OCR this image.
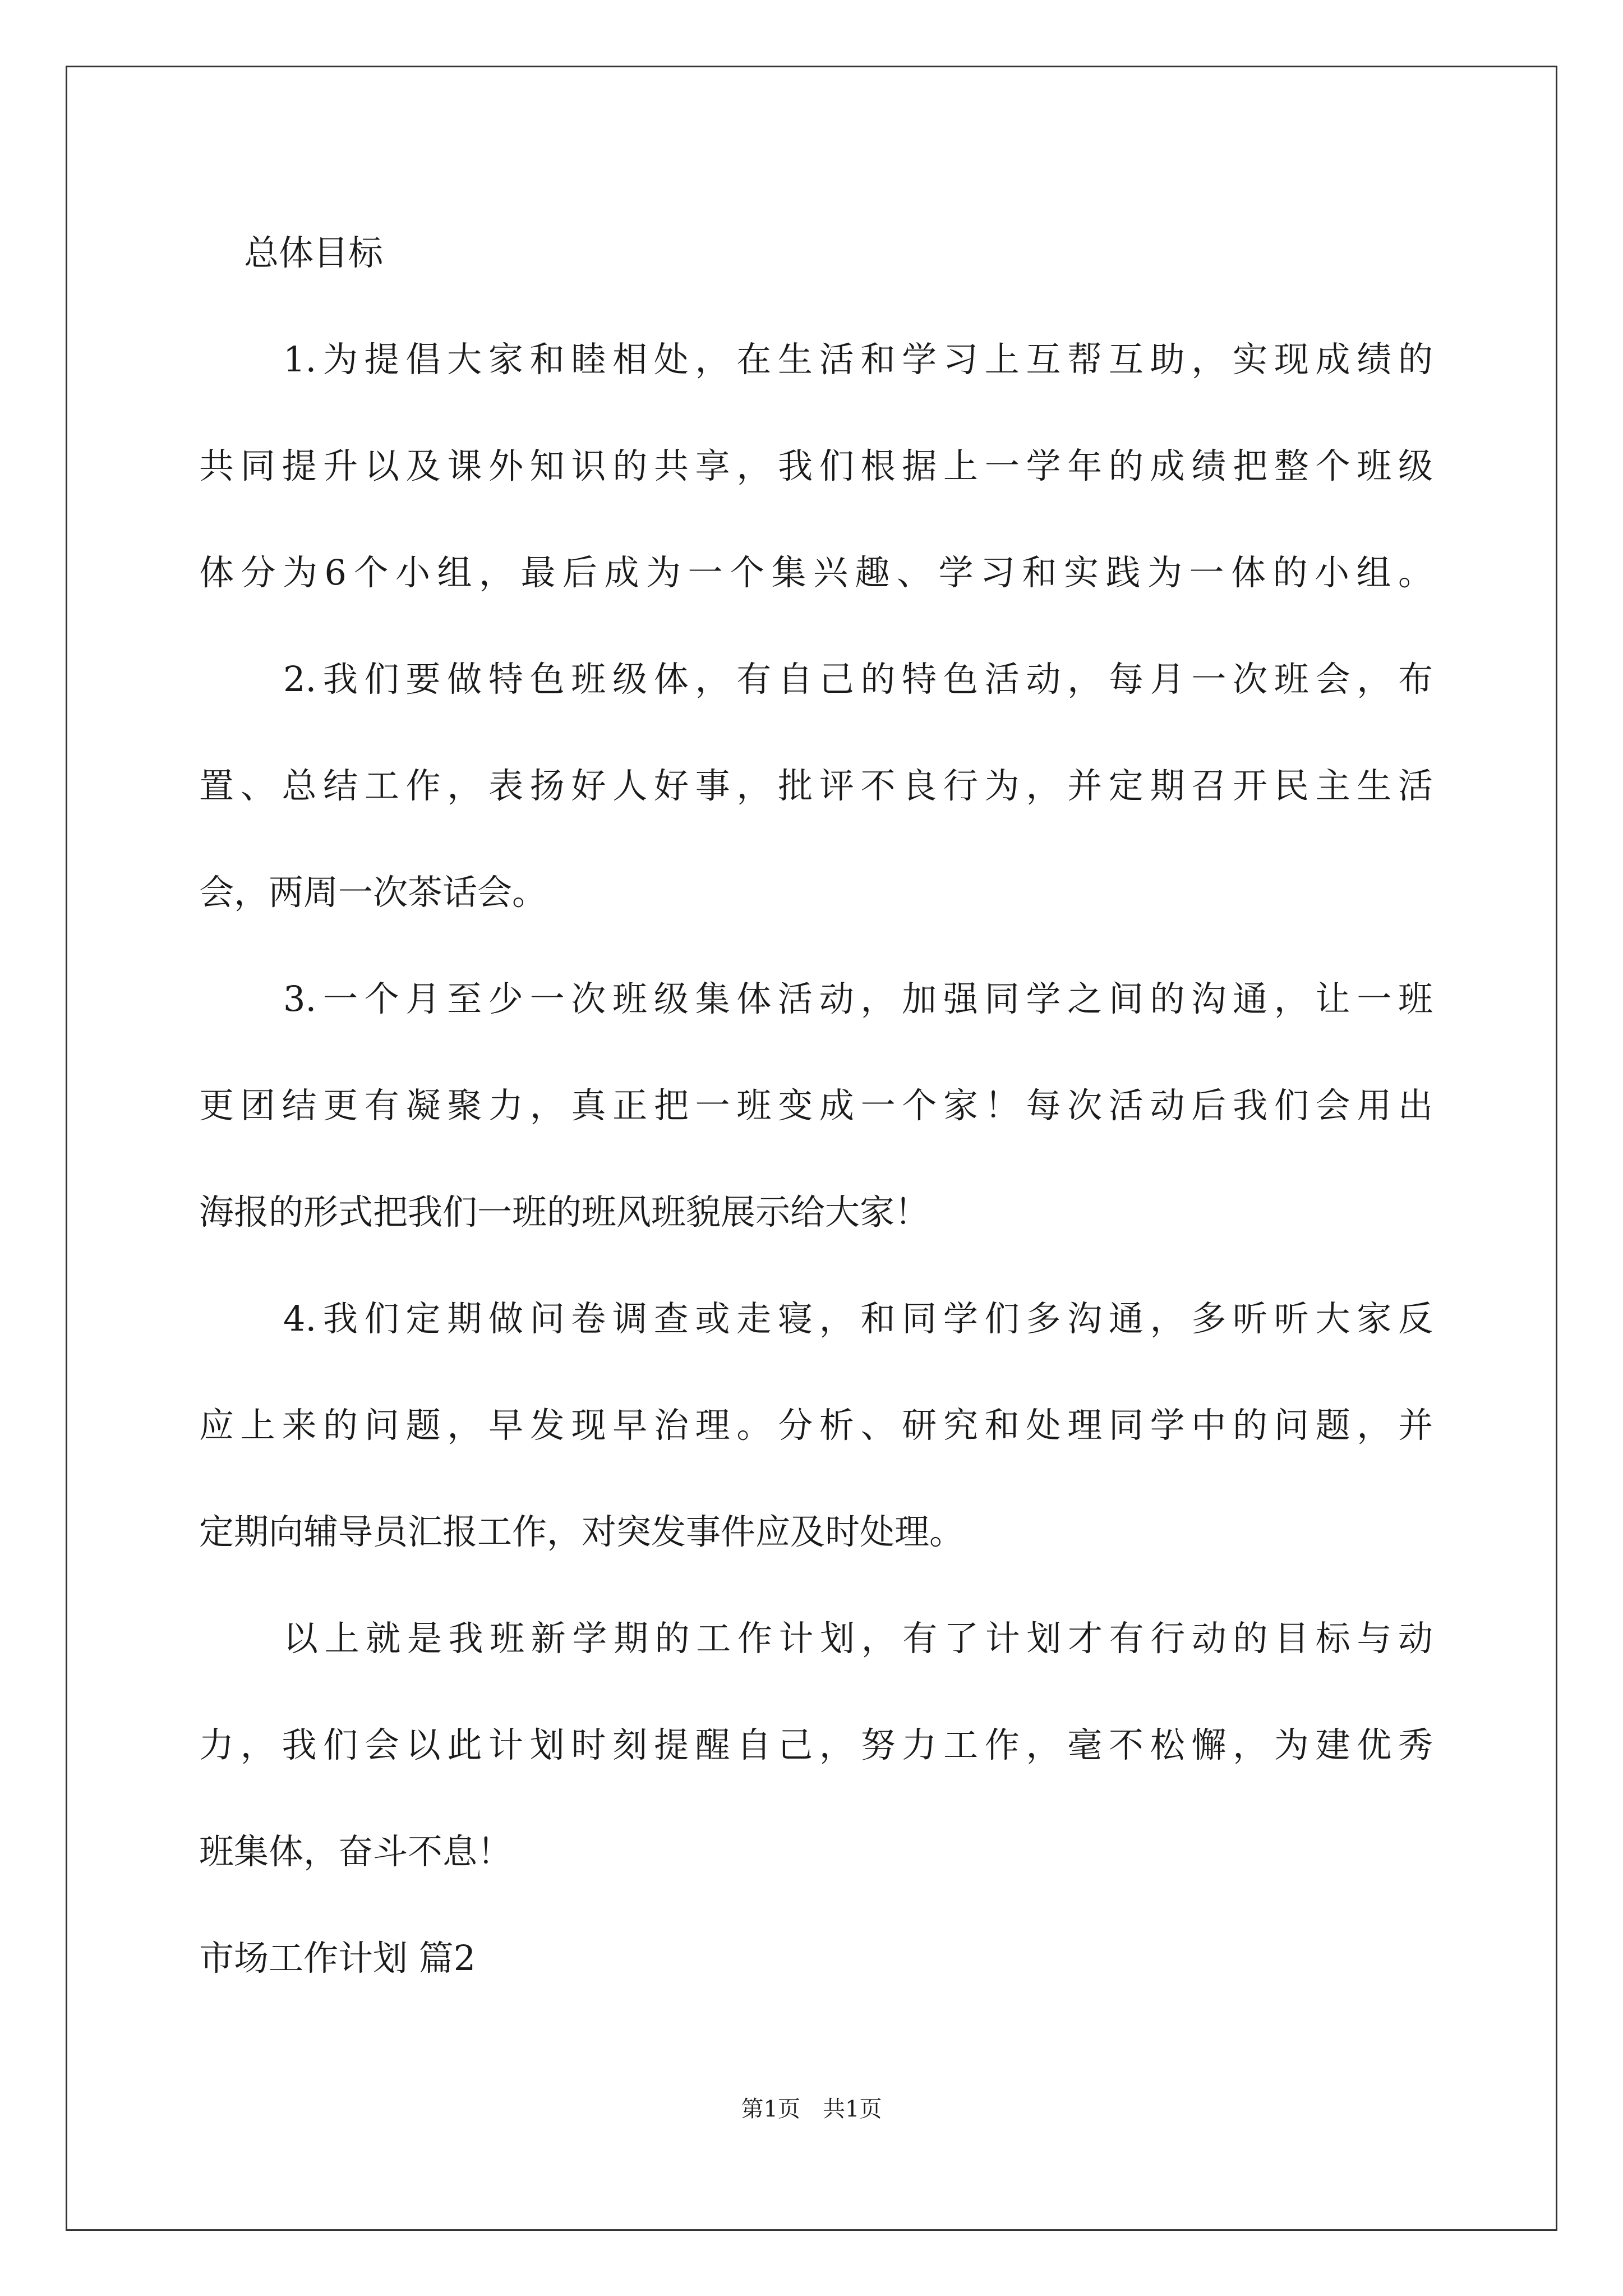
总体目标
1.为提倡大家和睦相处，在生活和学习上互帮互助，实现成绩的
共同提升以及课外知识的共享，我们根据上一学年的成绩把整个班级
体分为6个小组，最后成为一个集兴趣、学习和实践为一体的小组。
2.我们要做特色班级体，有自己的特色活动，每月一次班会，布
置、总结工作，表扬好人好事，批评不良行为，并定期召开民主生活
会，两周一次茶话会。
3.一个月至少一次班级集体活动，加强同学之间的沟通，让一班
更团结更有凝聚力，真正把一班变成一个家！每次活动后我们会用出
海报的形式把我们一班的班风班貌展示给大家！
4.我们定期做问卷调查或走寝，和同学们多沟通，多听听大家反
应上来的问题，早发现早治理。分析、研究和处理同学中的问题，并
定期向辅导员汇报工作，对突发事件应及时处理。
以上就是我班新学期的工作计划，有了计划才有行动的目标与动
力，我们会以此计划时刻提醒自己，努力工作，毫不松懈，为建优秀
班集体，奋斗不息！
市场工作计划 篇2
第1页 共1页
